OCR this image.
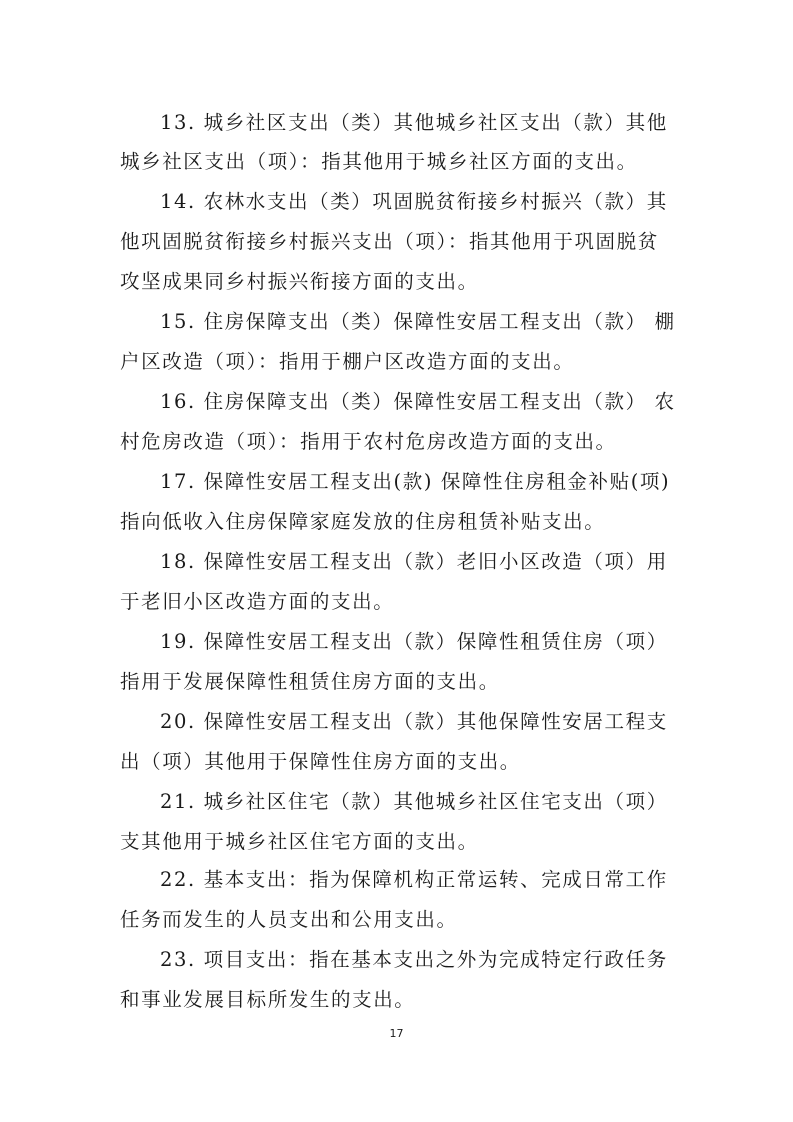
13. 城乡社区支出（类）其他城乡社区支出（款）其他
城乡社区支出（项）：指其他用于城乡社区方面的支出。
14. 农林水支出（类）巩固脱贫衔接乡村振兴（款）其
他巩固脱贫衔接乡村振兴支出（项）：指其他用于巩固脱贫
攻坚成果同乡村振兴衔接方面的支出。
15. 住房保障支出（类）保障性安居工程支出（款） 棚
户区改造（项）：指用于棚户区改造方面的支出。
16. 住房保障支出（类）保障性安居工程支出（款） 农
村危房改造（项）：指用于农村危房改造方面的支出。
17. 保障性安居工程支出(款) 保障性住房租金补贴(项)
指向低收入住房保障家庭发放的住房租赁补贴支出。
18. 保障性安居工程支出（款）老旧小区改造（项）用
于老旧小区改造方面的支出。
19. 保障性安居工程支出（款）保障性租赁住房（项）
指用于发展保障性租赁住房方面的支出。
20. 保障性安居工程支出（款）其他保障性安居工程支
出（项）其他用于保障性住房方面的支出。
21. 城乡社区住宅（款）其他城乡社区住宅支出（项）
支其他用于城乡社区住宅方面的支出。
22. 基本支出：指为保障机构正常运转、完成日常工作
任务而发生的人员支出和公用支出。
23. 项目支出：指在基本支出之外为完成特定行政任务
和事业发展目标所发生的支出。
17
